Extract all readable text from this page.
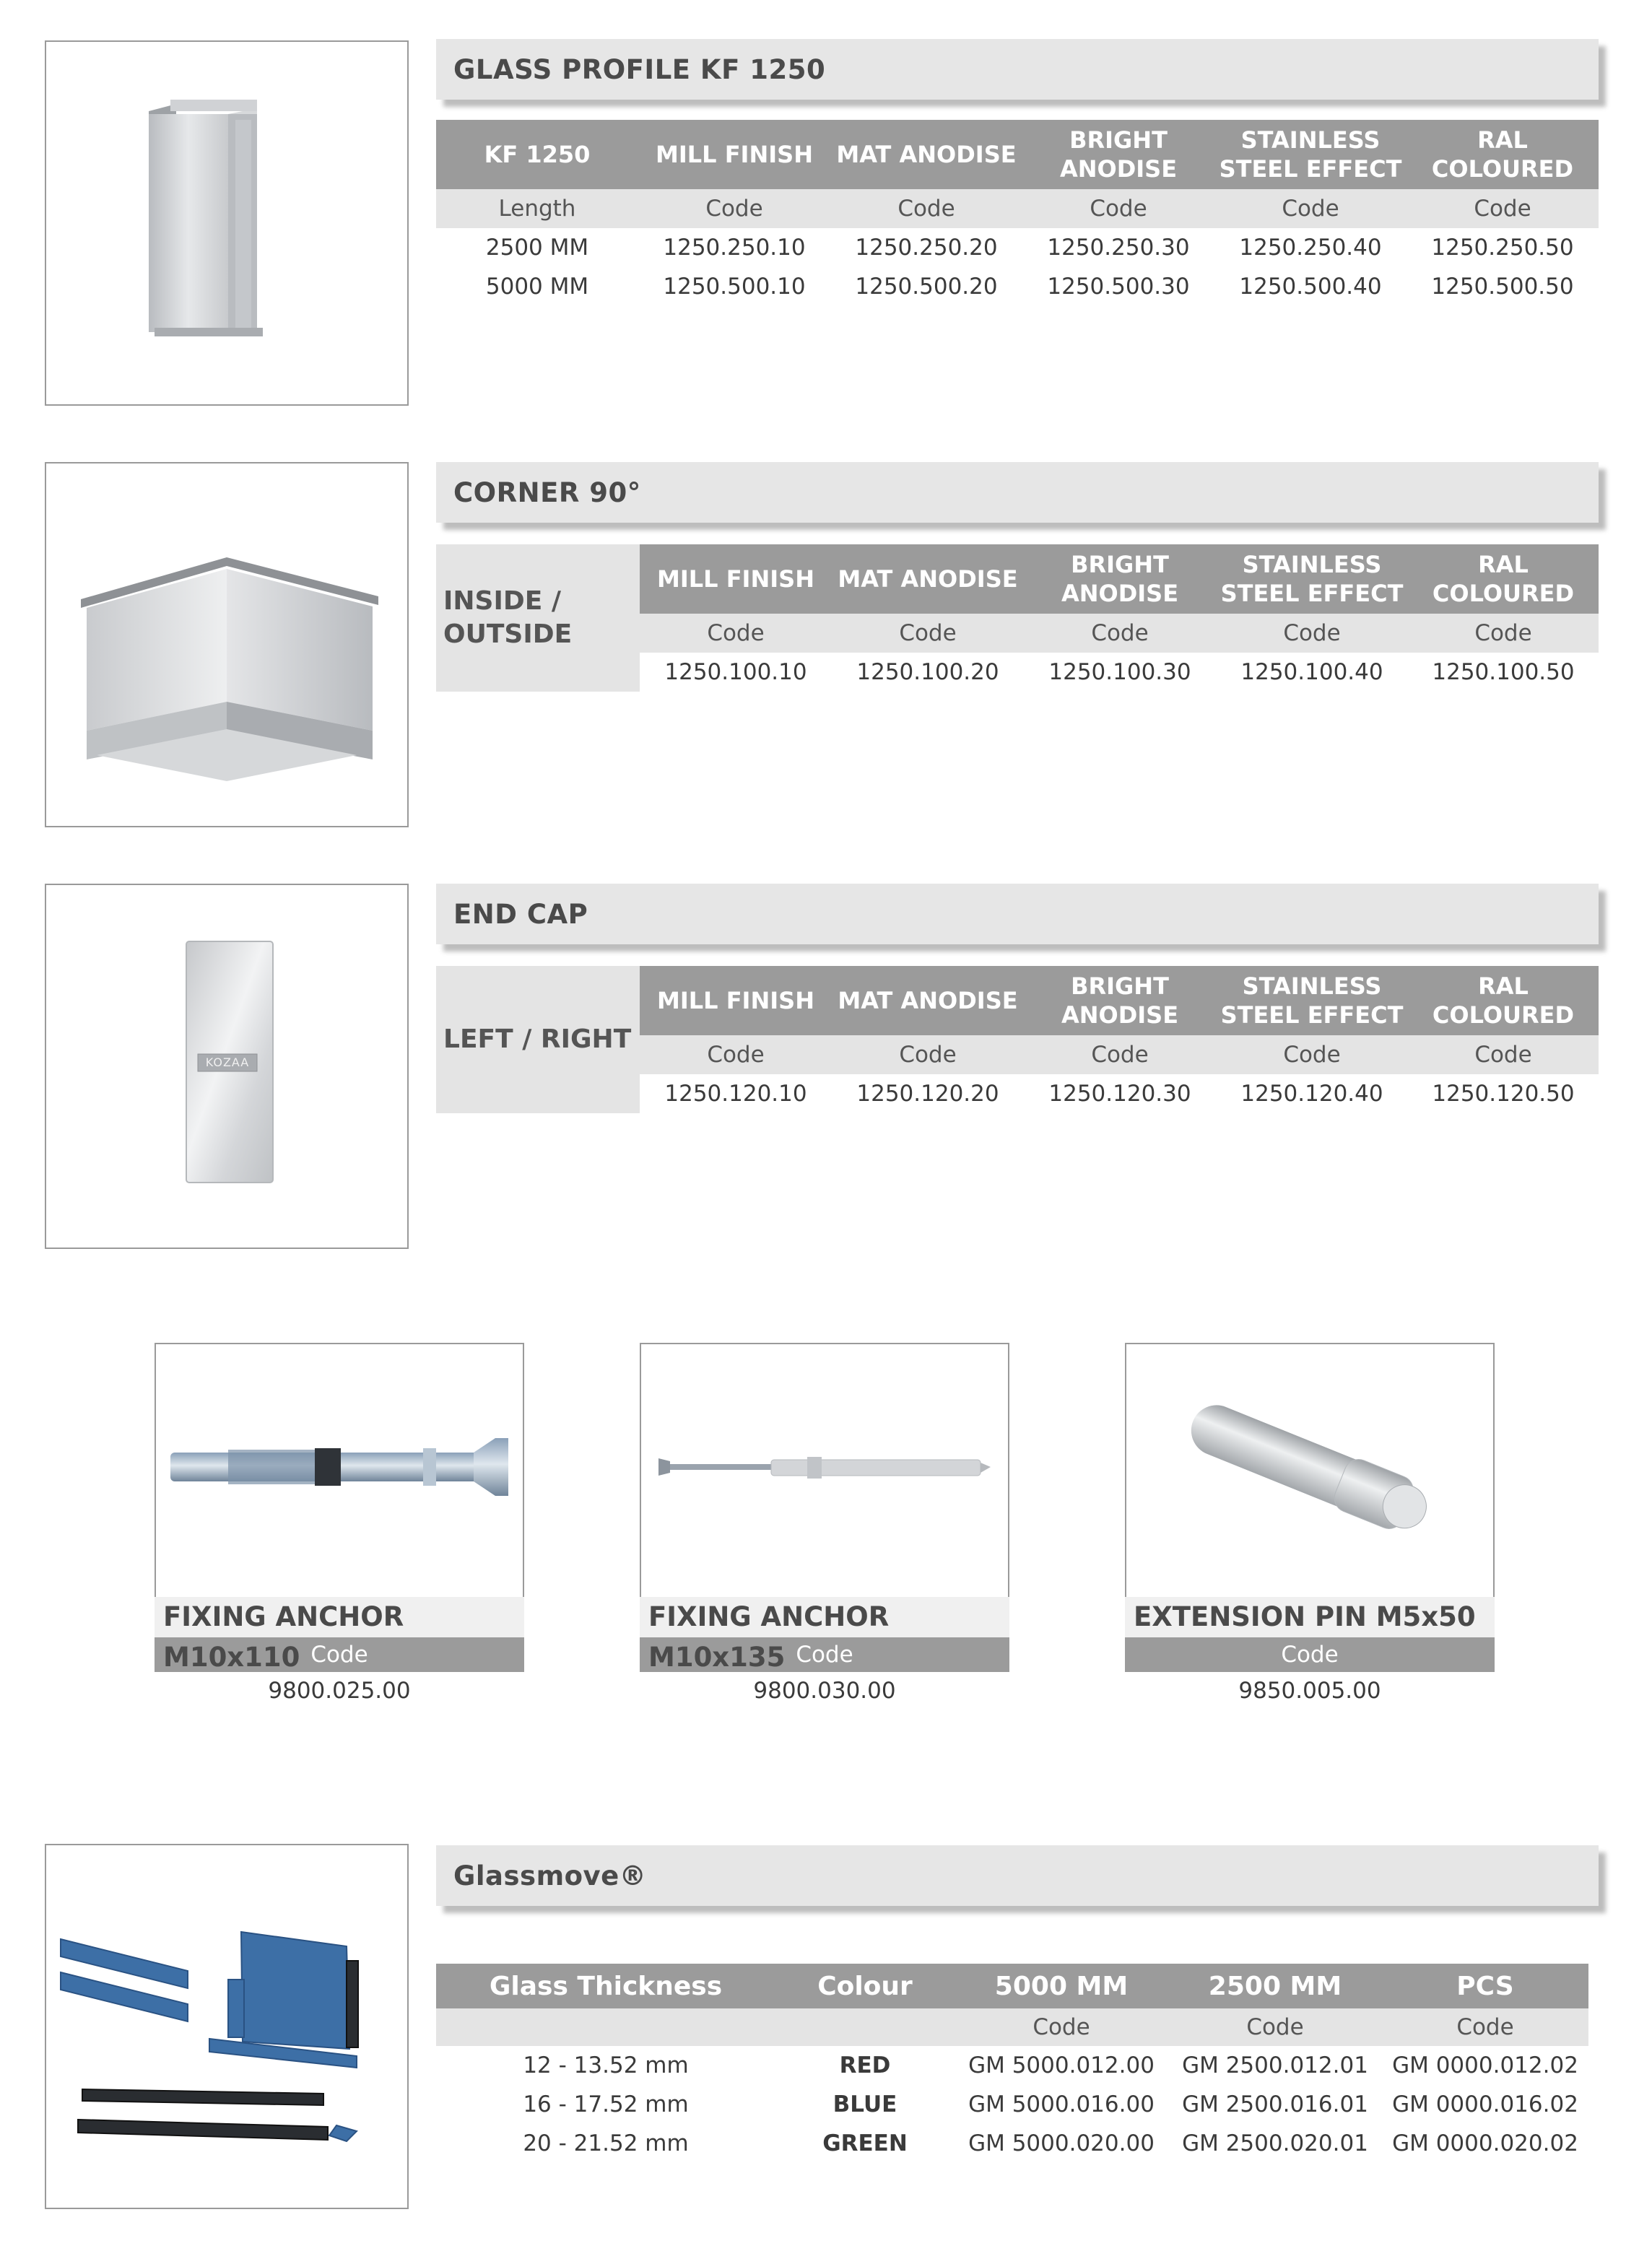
GLASS PROFILE KF 1250
KF 1250	MILL FINISH	MAT ANODISE	BRIGHT ANODISE	STAINLESS STEEL EFFECT	RAL COLOURED
Length	Code	Code	Code	Code	Code
2500 MM	1250.250.10	1250.250.20	1250.250.30	1250.250.40	1250.250.50
5000 MM	1250.500.10	1250.500.20	1250.500.30	1250.500.40	1250.500.50
CORNER 90°
INSIDE / OUTSIDE	MILL FINISH	MAT ANODISE	BRIGHT ANODISE	STAINLESS STEEL EFFECT	RAL COLOURED
	Code	Code	Code	Code	Code
	1250.100.10	1250.100.20	1250.100.30	1250.100.40	1250.100.50
KOZAA
END CAP
LEFT / RIGHT	MILL FINISH	MAT ANODISE	BRIGHT ANODISE	STAINLESS STEEL EFFECT	RAL COLOURED
	Code	Code	Code	Code	Code
	1250.120.10	1250.120.20	1250.120.30	1250.120.40	1250.120.50
FIXING ANCHOR M10x110 Code
9800.025.00
FIXING ANCHOR M10x135 Code
9800.030.00
EXTENSION PIN M5x50
Code
9850.005.00
Glassmove®
Glass Thickness	Colour	5000 MM	2500 MM	PCS
		Code	Code	Code
12 - 13.52 mm	RED	GM 5000.012.00	GM 2500.012.01	GM 0000.012.02
16 - 17.52 mm	BLUE	GM 5000.016.00	GM 2500.016.01	GM 0000.016.02
20 - 21.52 mm	GREEN	GM 5000.020.00	GM 2500.020.01	GM 0000.020.02
